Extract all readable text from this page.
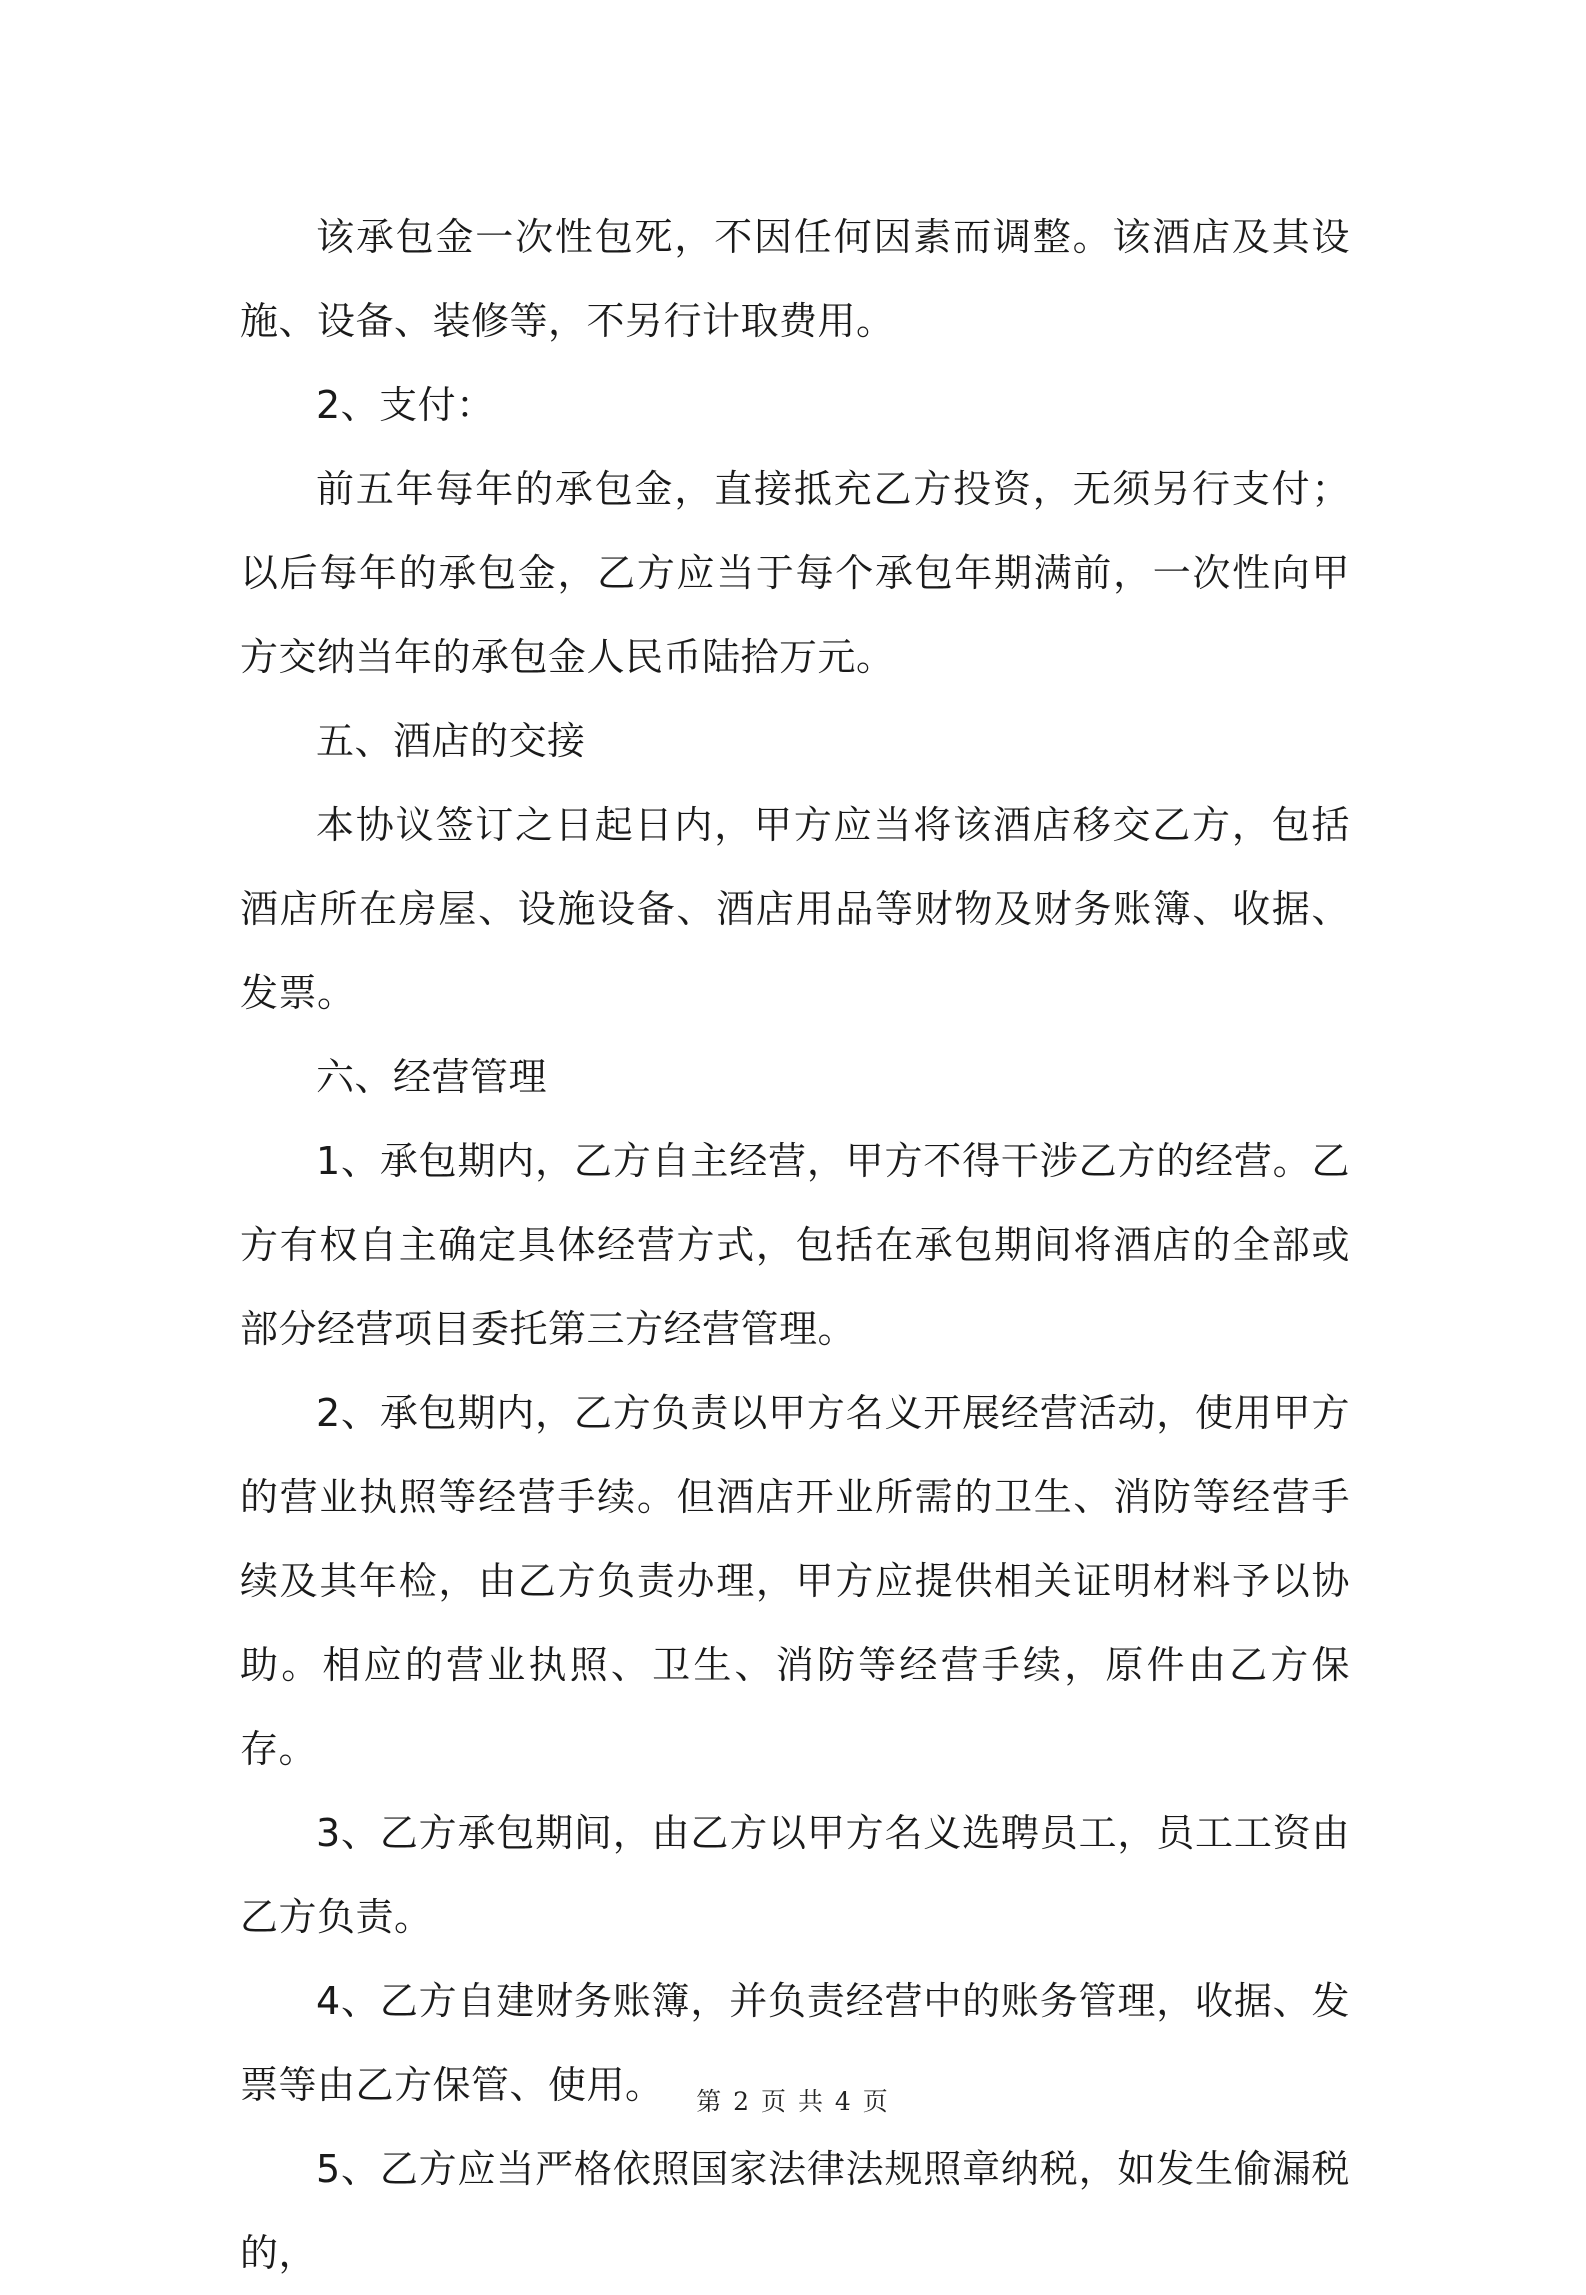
该承包金一次性包死，不因任何因素而调整。该酒店及其设施、设备、装修等，不另行计取费用。

2、支付：

前五年每年的承包金，直接抵充乙方投资，无须另行支付；以后每年的承包金，乙方应当于每个承包年期满前，一次性向甲方交纳当年的承包金人民币陆拾万元。

五、酒店的交接

本协议签订之日起日内，甲方应当将该酒店移交乙方，包括酒店所在房屋、设施设备、酒店用品等财物及财务账簿、收据、发票。

六、经营管理

1、承包期内，乙方自主经营，甲方不得干涉乙方的经营。乙方有权自主确定具体经营方式，包括在承包期间将酒店的全部或部分经营项目委托第三方经营管理。

2、承包期内，乙方负责以甲方名义开展经营活动，使用甲方的营业执照等经营手续。但酒店开业所需的卫生、消防等经营手续及其年检，由乙方负责办理，甲方应提供相关证明材料予以协助。相应的营业执照、卫生、消防等经营手续，原件由乙方保存。

3、乙方承包期间，由乙方以甲方名义选聘员工，员工工资由乙方负责。

4、乙方自建财务账簿，并负责经营中的账务管理，收据、发票等由乙方保管、使用。

5、乙方应当严格依照国家法律法规照章纳税，如发生偷漏税的，

第 2 页 共 4 页
